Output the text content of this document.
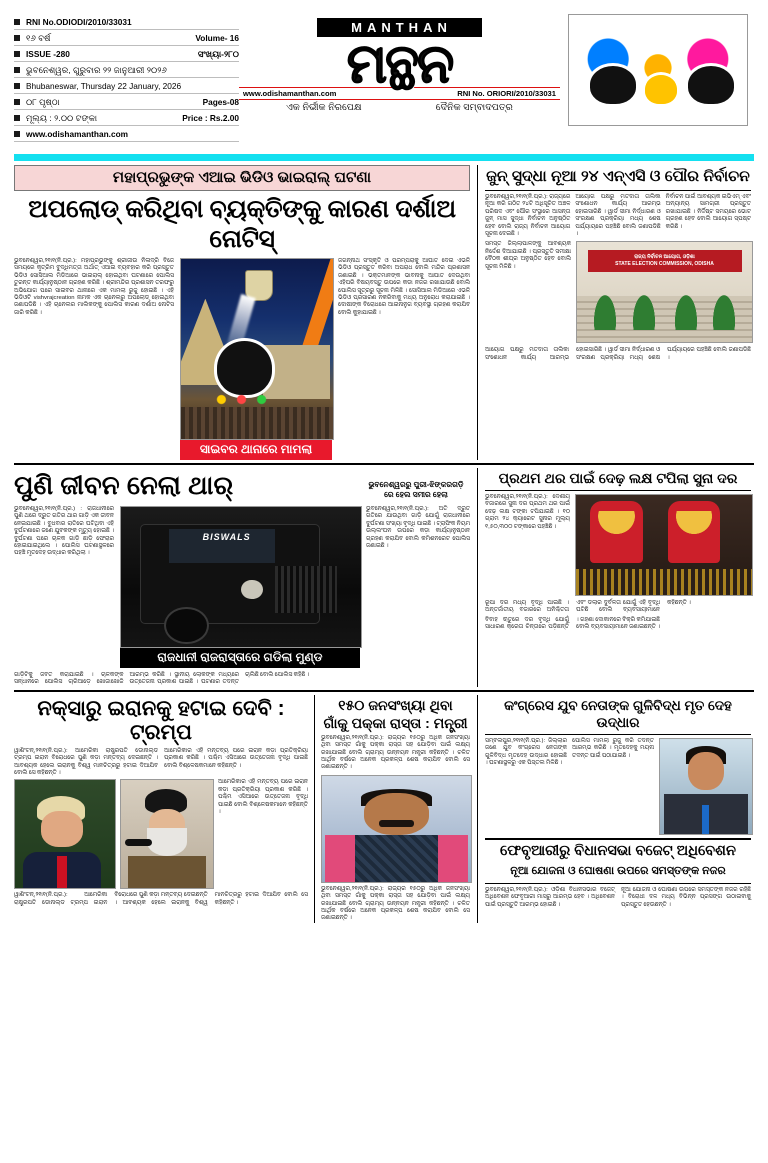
RNI No.ODIODI/2010/33031
୧୬ ବର୍ଷ	Volume- 16
ISSUE -280	ସଂଖ୍ୟା-୨୮୦
ଭୁବନେଶ୍ୱର, ଗୁରୁବାର ୨୨ ଜାନୁଆରୀ ୨୦୨୬
Bhubaneswar, Thursday 22 January, 2026
୦୮ ପୃଷ୍ଠା	Pages-08
ମୂଲ୍ୟ : ୨.୦୦ ଟଙ୍କା	Price : Rs.2.00
www.odishamanthan.com
MANTHAN
ମନ୍ଥନ
www.odishamanthan.com	RNI No. ORIORI/2010/33031
ଏକ ନିର୍ଭୀକ ନିରପେକ୍ଷ	ଦୈନିକ ସମ୍ବାଦପତ୍ର
ମହାପ୍ରଭୁଙ୍କ ଏଆଇ ଭିଡିଓ ଭାଇରାଲ୍ ଘଟଣା
ଅପଲୋଡ୍ କରିଥିବା ବ୍ୟକ୍ତିଙ୍କୁ କାରଣ ଦର୍ଶାଅ ନୋଟିସ୍
ଭୁବନେଶ୍ୱର,୨୧ା୧(ନି.ପ୍ର.): ମହାପ୍ରଭୁଙ୍କୁ ଶ୍ରୀଜୀଉ ନିଳାଦ୍ରି ବିଜେ ସମୟରେ କୃତ୍ରିମ ବୁଦ୍ଧିମତ୍ତା ଅର୍ଥାତ୍ ଏଆଇ ବ୍ୟବହାର କରି ପ୍ରସ୍ତୁତ ଭିଡିଓ ସୋସିଆଲ ମିଡିଆରେ ଭାଇରାଲ୍ ହୋଇଥିବା ଘଟଣାରେ ପୋଲିସ ତୁରନ୍ତ କାର୍ଯ୍ୟାନୁଷ୍ଠାନ ଗ୍ରହଣ କରିଛି । ଶ୍ରୀମନ୍ଦିର ପ୍ରଶାସନ ତରଫରୁ ଅଭିଯୋଗ ପରେ ସାଇବର ଥାନାରେ ଏକ ମାମଲା ରୁଜୁ ହୋଇଛି । ଏହି ଭିଡିଓଟି vishvrajcreation ନାମକ ଏକ ଚାନେଲରୁ ଅପଲୋଡ୍ ହୋଇଥିବା ଜଣାପଡିଛି । ଏହି ଚାନେଲର ମାଲିକଙ୍କୁ ପୋଲିସ କାରଣ ଦର୍ଶାଅ ନୋଟିସ ଜାରି କରିଛି ।
ସାଇବର ଥାନାରେ ମାମଲା
ଜଗନ୍ନାଥ ସଂସ୍କୃତି ଓ ପରମ୍ପରାକୁ ଆଘାତ ଦେଇ ଏଭଳି ଭିଡିଓ ପ୍ରସ୍ତୁତ କରିବା ଅପରାଧ ବୋଲି ମନ୍ଦିର ପ୍ରଶାସନ ଜଣାଇଛି । ଭକ୍ତମାନଙ୍କ ଭାବନାକୁ ଆଘାତ ଦେଉଥିବା ଏହିପରି ବିଷୟବସ୍ତୁ ଉପରେ କଡା ନଜର ରଖାଯାଉଛି ବୋଲି ପୋଲିସ ସୂତ୍ରରୁ ସୂଚନା ମିଳିଛି । ସୋସିଆଲ ମିଡିଆରେ ଏଭଳି ଭିଡିଓ ପ୍ରସାରଣ ନକରିବାକୁ ମଧ୍ୟ ଅନୁରୋଧ କରାଯାଇଛି । ଦୋଷୀଙ୍କ ବିରୋଧରେ ଆଇନାନୁଗ ବ୍ୟବସ୍ଥା ଗ୍ରହଣ କରାଯିବ ବୋଲି କୁହାଯାଇଛି ।
ଜୁନ୍ ସୁଦ୍ଧା ନୂଆ ୨୪ ଏନ୍ଏସି ଓ ପୌର ନିର୍ବାଚନ
ଭୁବନେଶ୍ୱର,୨୧ା୧(ନି.ପ୍ର.): ରାଜ୍ୟରେ ନୂଆ କରି ଗଠିତ ୨୪ଟି ଅଧିସୂଚିତ ଅଞ୍ଚଳ ପରିଷଦ ଏବଂ ପୌର ସଂସ୍ଥାରେ ଆସନ୍ତା ଜୁନ୍ ମାସ ସୁଦ୍ଧା ନିର୍ବାଚନ ଅନୁଷ୍ଠିତ ହେବ ବୋଲି ରାଜ୍ୟ ନିର୍ବାଚନ ଆୟୋଗ ସୂଚନା ଦେଇଛି ।
ଆୟୋଗ ପକ୍ଷରୁ ମତଦାତା ତାଲିକା ସଂଶୋଧନ କାର୍ଯ୍ୟ ଆରମ୍ଭ ହୋଇସାରିଛି । ୱାର୍ଡ ସୀମା ନିର୍ଦ୍ଧାରଣ ଓ ସଂରକ୍ଷଣ ପ୍ରକ୍ରିୟା ମଧ୍ୟ ଶେଷ ପର୍ଯ୍ୟାୟରେ ପହଞ୍ଚିଛି ବୋଲି ଜଣାପଡିଛି ।
ନିର୍ବାଚନ ପାଇଁ ଆବଶ୍ୟକ ଇଭିଏମ୍ ଏବଂ ଅନ୍ୟାନ୍ୟ ସାମଗ୍ରୀ ପ୍ରସ୍ତୁତ ରଖାଯାଇଛି । ନିର୍ଦ୍ଦିଷ୍ଟ ସମୟରେ ଭୋଟ ଗ୍ରହଣ ହେବ ବୋଲି ଆୟୋଗ ସ୍ପଷ୍ଟ କରିଛି ।
ସମସ୍ତ ଜିଲ୍ଲାପାଳଙ୍କୁ ଆବଶ୍ୟକ ନିର୍ଦ୍ଦେଶ ଦିଆଯାଇଛି । ପ୍ରସ୍ତୁତି ସମୀକ୍ଷା ବୈଠକ ଶୀଘ୍ର ଅନୁଷ୍ଠିତ ହେବ ବୋଲି ସୂଚନା ମିଳିଛି ।
ରାଜ୍ୟ ନିର୍ବାଚନ ଆୟୋଗ, ଓଡ଼ିଶା
STATE ELECTION COMMISSION, ODISHA
ଆୟୋଗ ପକ୍ଷରୁ ମତଦାତା ତାଲିକା ସଂଶୋଧନ କାର୍ଯ୍ୟ ଆରମ୍ଭ ହୋଇସାରିଛି । ୱାର୍ଡ ସୀମା ନିର୍ଦ୍ଧାରଣ ଓ ସଂରକ୍ଷଣ ପ୍ରକ୍ରିୟା ମଧ୍ୟ ଶେଷ ପର୍ଯ୍ୟାୟରେ ପହଞ୍ଚିଛି ବୋଲି ଜଣାପଡିଛି ।
ପୁଣି ଜୀବନ ନେଲା ଥାର୍	ଭୁବନେଶ୍ୱରରୁ ପୁରୀ-ଝିଙ୍କରଗଡ଼ି
ରେ ହେଲ ସମୀର ହେଲା
ଭୁବନେଶ୍ୱର,୨୧ା୧(ନି.ପ୍ର.) : ରାଜଧାନୀରେ ପୁଣି ଥରେ ଦ୍ରୁତ ଗତିର ଥାର ଗାଡ଼ି ଏକ ଜୀବନ ନେଇଯାଇଛି । ବୁଧବାର ରାତିରେ ଘଟିଥିବା ଏହି ଦୁର୍ଘଟଣାରେ ଜଣେ ଯୁବକଙ୍କ ମୃତ୍ୟୁ ହୋଇଛି । ଦୁର୍ଘଟଣା ପରେ ଚାଳକ ଗାଡ଼ି ଛାଡ଼ି ଫେରାର ହୋଇଯାଇଥିଲେ । ପୋଲିସ ଘଟଣାସ୍ଥଳରେ ପହଞ୍ଚି ମୃତଦେହ ଉଦ୍ଧାର କରିଥିଲା ।
BISWALS
ରାଜଧାନୀ ରାଜରାସ୍ତାରେ ଗଡିଲା ମୁଣ୍ଡ
ଭୁବନେଶ୍ୱର,୨୧ା୧(ନି.ପ୍ର.): ଅତି ଦ୍ରୁତ ଗତିରେ ଯାଉଥିବା ଗାଡ଼ି ଯୋଗୁଁ ରାଜଧାନୀରେ ଦୁର୍ଘଟଣା ସଂଖ୍ୟା ବୃଦ୍ଧି ପାଇଛି । ଟ୍ରାଫିକ ନିୟମ ଉଲ୍ଲଂଘନ ଉପରେ କଡ଼ା କାର୍ଯ୍ୟାନୁଷ୍ଠାନ ଗ୍ରହଣ କରାଯିବ ବୋଲି କମିଶନରେଟ ପୋଲିସ ଜଣାଇଛି ।
ଗାଡ଼ିଟିକୁ ଜବତ କରାଯାଇଛି । ଚାଳକଙ୍କ ସନ୍ଧାନରେ ପୋଲିସ ଚାରିଆଡ଼େ ଖୋଜାଖୋଜି ଆରମ୍ଭ କରିଛି । ସ୍ଥାନୀୟ ଲୋକଙ୍କ ମଧ୍ୟରେ ଉତ୍ତେଜନା ପ୍ରକାଶ ପାଇଛି । ଘଟଣାର ତଦନ୍ତ ଚାଲିଛି ବୋଲି ପୋଲିସ କହିଛି ।
ପ୍ରଥମ ଥର ପାଇଁ ଦେଢ଼ ଲକ୍ଷ ଟପିଲା ସୁନା ଦର
ଭୁବନେଶ୍ୱର,୨୧ା୧(ନି.ପ୍ର.): ଦେଶୀୟ ବଜାରରେ ସୁନା ଦର ପ୍ରଥମ ଥର ପାଇଁ ଦେଢ଼ ଲକ୍ଷ ଟଙ୍କା ଟପିଯାଇଛି । ୧୦ ଗ୍ରାମ ୨୪ କ୍ୟାରେଟ ସୁନାର ମୂଲ୍ୟ ୧,୫୦,୩୦୦ ଟଙ୍କାରେ ପହଞ୍ଚିଛି ।
ରୂପା ଦର ମଧ୍ୟ ବୃଦ୍ଧି ପାଇଛି । ଅନ୍ତର୍ଜାତୀୟ ବଜାରରେ ଅନିଶ୍ଚିତତା ଏବଂ ଡଲାର ଦୁର୍ବଳତା ଯୋଗୁଁ ଏହି ବୃଦ୍ଧି ଘଟିଛି ବୋଲି ବ୍ୟବସାୟୀମାନେ କହିଛନ୍ତି ।
ବିବାହ ଋତୁରେ ଦର ବୃଦ୍ଧି ଯୋଗୁଁ ସାଧାରଣ କ୍ରେତା ଚିନ୍ତାରେ ପଡ଼ିଛନ୍ତି । ଗହଣା ଦୋକାନରେ ବିକ୍ରି କମିଯାଇଛି ବୋଲି ବ୍ୟବସାୟୀମାନେ ଜଣାଇଛନ୍ତି ।
ନକ୍ସାରୁ ଇରାନକୁ ହଟାଇ ଦେବି : ଟ୍ରମ୍ପ
ୱାଶିଂଟନ୍,୨୧ା୧(ନି.ପ୍ର.): ଆମେରିକା ରାଷ୍ଟ୍ରପତି ଡୋନାଲ୍ଡ ଟ୍ରମ୍ପ ଇରାନ ବିରୋଧରେ ପୁଣି କଡ଼ା ମନ୍ତବ୍ୟ ଦେଇଛନ୍ତି । ଆବଶ୍ୟକ ହେଲେ ଇରାନକୁ ବିଶ୍ୱ ମାନଚିତ୍ରରୁ ହଟାଇ ଦିଆଯିବ ବୋଲି ସେ କହିଛନ୍ତି ।
ଆମେରିକାର ଏହି ମନ୍ତବ୍ୟ ପରେ ଇରାନ କଡ଼ା ପ୍ରତିକ୍ରିୟା ପ୍ରକାଶ କରିଛି । ପଶ୍ଚିମ ଏସିଆରେ ଉତ୍ତେଜନା ବୃଦ୍ଧି ପାଇଛି ବୋଲି ବିଶ୍ଳେଷକମାନେ କହିଛନ୍ତି ।
ଆମେରିକାର ଏହି ମନ୍ତବ୍ୟ ପରେ ଇରାନ କଡ଼ା ପ୍ରତିକ୍ରିୟା ପ୍ରକାଶ କରିଛି । ପଶ୍ଚିମ ଏସିଆରେ ଉତ୍ତେଜନା ବୃଦ୍ଧି ପାଇଛି ବୋଲି ବିଶ୍ଳେଷକମାନେ କହିଛନ୍ତି ।
ୱାଶିଂଟନ୍,୨୧ା୧(ନି.ପ୍ର.): ଆମେରିକା ରାଷ୍ଟ୍ରପତି ଡୋନାଲ୍ଡ ଟ୍ରମ୍ପ ଇରାନ ବିରୋଧରେ ପୁଣି କଡ଼ା ମନ୍ତବ୍ୟ ଦେଇଛନ୍ତି । ଆବଶ୍ୟକ ହେଲେ ଇରାନକୁ ବିଶ୍ୱ ମାନଚିତ୍ରରୁ ହଟାଇ ଦିଆଯିବ ବୋଲି ସେ କହିଛନ୍ତି ।
୧୫୦ ଜନସଂଖ୍ୟା ଥିବା
ଗାଁକୁ ପକ୍କା ରାସ୍ତା : ମନ୍ତ୍ରୀ
ଭୁବନେଶ୍ୱର,୨୧ା୧(ନି.ପ୍ର.): ରାଜ୍ୟର ୧୫୦ରୁ ଅଧିକ ଜନସଂଖ୍ୟା ଥିବା ସମସ୍ତ ଗାଁକୁ ପକ୍କା ରାସ୍ତା ସହ ଯୋଡ଼ିବା ପାଇଁ ଲକ୍ଷ୍ୟ ରଖାଯାଇଛି ବୋଲି ଗ୍ରାମ୍ୟ ଉନ୍ନୟନ ମନ୍ତ୍ରୀ କହିଛନ୍ତି । ଚଳିତ ଆର୍ଥିକ ବର୍ଷରେ ଅନେକ ପ୍ରକଳ୍ପ ଶେଷ କରାଯିବ ବୋଲି ସେ ଜଣାଇଛନ୍ତି ।
ଭୁବନେଶ୍ୱର,୨୧ା୧(ନି.ପ୍ର.): ରାଜ୍ୟର ୧୫୦ରୁ ଅଧିକ ଜନସଂଖ୍ୟା ଥିବା ସମସ୍ତ ଗାଁକୁ ପକ୍କା ରାସ୍ତା ସହ ଯୋଡ଼ିବା ପାଇଁ ଲକ୍ଷ୍ୟ ରଖାଯାଇଛି ବୋଲି ଗ୍ରାମ୍ୟ ଉନ୍ନୟନ ମନ୍ତ୍ରୀ କହିଛନ୍ତି । ଚଳିତ ଆର୍ଥିକ ବର୍ଷରେ ଅନେକ ପ୍ରକଳ୍ପ ଶେଷ କରାଯିବ ବୋଲି ସେ ଜଣାଇଛନ୍ତି ।
କଂଗ୍ରେସ ଯୁବ ନେତାଙ୍କ ଗୁଳିବିଦ୍ଧ ମୃତ ଦେହ ଉଦ୍ଧାର
ସମ୍ବଲପୁର,୨୧ା୧(ନି.ପ୍ର.): ଜିଲ୍ଲାର ଜଣେ ଯୁବ କଂଗ୍ରେସ ନେତାଙ୍କ ଗୁଳିବିଦ୍ଧ ମୃତଦେହ ଉଦ୍ଧାର ହୋଇଛି । ଘଟଣାସ୍ଥଳରୁ ଏକ ପିସ୍ତଲ ମିଳିଛି ।
ପୋଲିସ ମାମଲା ରୁଜୁ କରି ତଦନ୍ତ ଆରମ୍ଭ କରିଛି । ମୃତଦେହକୁ ମୟନା ତଦନ୍ତ ପାଇଁ ପଠାଯାଇଛି ।
ଫେବୃଆରୀରୁ ବିଧାନସଭା ବଜେଟ୍ ଅଧିବେଶନ
ନୂଆ ଯୋଜନା ଓ ଘୋଷଣା ଉପରେ ସମସ୍ତଙ୍କ ନଜର
ଭୁବନେଶ୍ୱର,୨୧ା୧(ନି.ପ୍ର.): ଓଡ଼ିଶା ବିଧାନସଭାର ବଜେଟ୍ ଅଧିବେଶନ ଫେବୃଆରୀ ମାସରୁ ଆରମ୍ଭ ହେବ । ଅଧିବେଶନ ପାଇଁ ପ୍ରସ୍ତୁତି ଆରମ୍ଭ ହୋଇଛି ।
ନୂଆ ଯୋଜନା ଓ ଘୋଷଣା ଉପରେ ସମସ୍ତଙ୍କ ନଜର ରହିଛି । ବିରୋଧୀ ଦଳ ମଧ୍ୟ ବିଭିନ୍ନ ପ୍ରସଙ୍ଗ ଉଠାଇବାକୁ ପ୍ରସ୍ତୁତ ହେଉଛନ୍ତି ।
